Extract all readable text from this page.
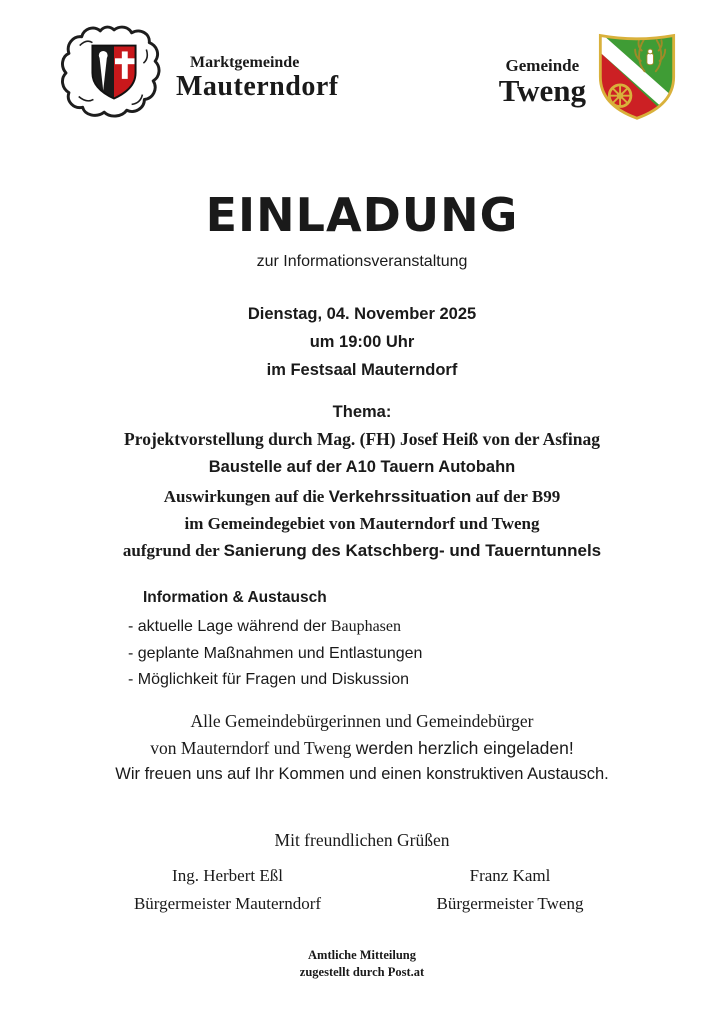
Marktgemeinde
Mauterndorf
Gemeinde
Tweng
EINLADUNG
zur Informationsveranstaltung
Dienstag, 04. November 2025
um 19:00 Uhr
im Festsaal Mauterndorf
Thema:
Projektvorstellung durch Mag. (FH) Josef Heiß von der Asfinag
Baustelle auf der A10 Tauern Autobahn
Auswirkungen auf die Verkehrssituation auf der B99
im Gemeindegebiet von Mauterndorf und Tweng
aufgrund der Sanierung des Katschberg- und Tauerntunnels
Information & Austausch
- aktuelle Lage während der Bauphasen
- geplante Maßnahmen und Entlastungen
- Möglichkeit für Fragen und Diskussion
Alle Gemeindebürgerinnen und Gemeindebürger
von Mauterndorf und Tweng werden herzlich eingeladen!
Wir freuen uns auf Ihr Kommen und einen konstruktiven Austausch.
Mit freundlichen Grüßen
Ing. Herbert Eßl
Bürgermeister Mauterndorf
Franz Kaml
Bürgermeister Tweng
Amtliche Mitteilung
zugestellt durch Post.at
